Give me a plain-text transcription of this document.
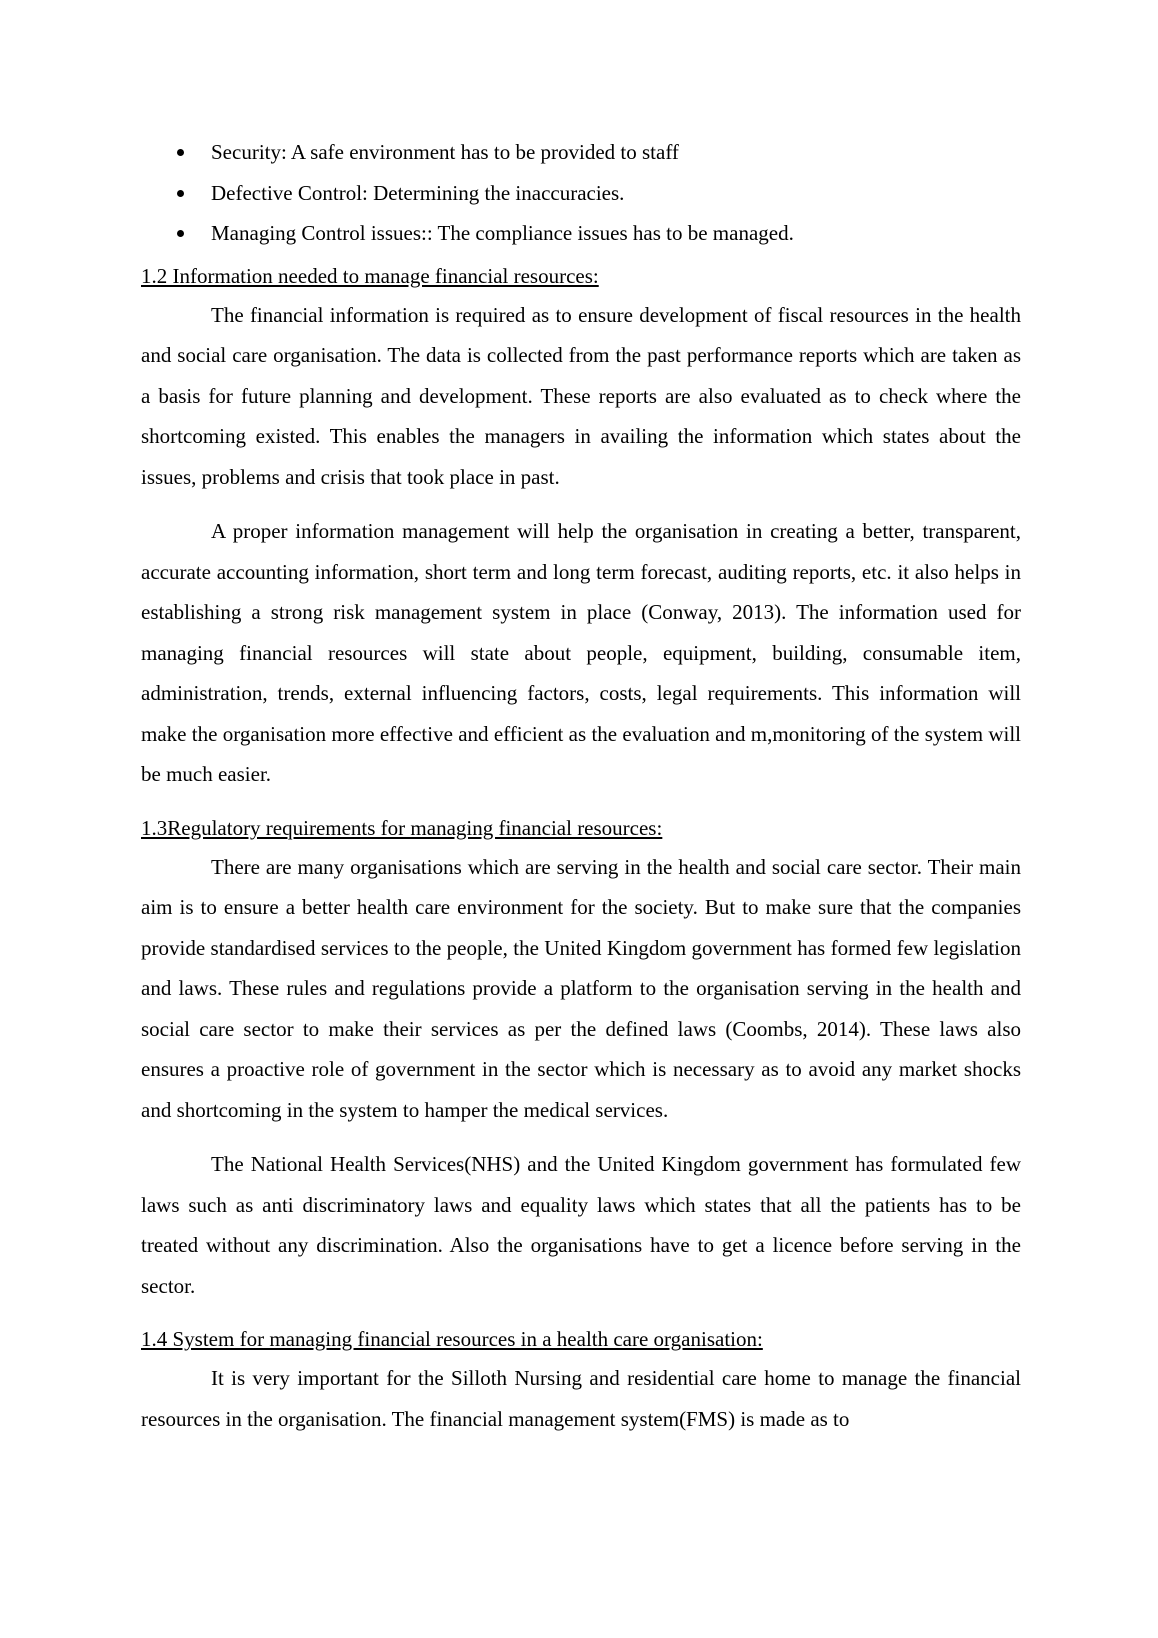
Security: A safe environment has to be provided to staff
Defective Control: Determining the inaccuracies.
Managing Control issues:: The compliance issues has to be managed.

1.2 Information needed to manage financial resources:

The financial information is required as to ensure development of fiscal resources in the health and social care organisation. The data is collected from the past performance reports which are taken as a basis for future planning and development. These reports are also evaluated as to check where the shortcoming existed. This enables the managers in availing the information which states about the issues, problems and crisis that took place in past.

A proper information management will help the organisation in creating a better, transparent, accurate accounting information, short term and long term forecast, auditing reports, etc. it also helps in establishing a strong risk management system in place (Conway, 2013). The information used for managing financial resources will state about people, equipment, building, consumable item, administration, trends, external influencing factors, costs, legal requirements. This information will make the organisation more effective and efficient as the evaluation and m,monitoring of the system will be much easier.

1.3Regulatory requirements for managing financial resources:

There are many organisations which are serving in the health and social care sector. Their main aim is to ensure a better health care environment for the society. But to make sure that the companies provide standardised services to the people, the United Kingdom government has formed few legislation and laws. These rules and regulations provide a platform to the organisation serving in the health and social care sector to make their services as per the defined laws (Coombs, 2014). These laws also ensures a proactive role of government in the sector which is necessary as to avoid any market shocks and shortcoming in the system to hamper the medical services.

The National Health Services(NHS) and the United Kingdom government has formulated few laws such as anti discriminatory laws and equality laws which states that all the patients has to be treated without any discrimination. Also the organisations have to get a licence before serving in the sector.

1.4 System for managing financial resources in a health care organisation:

It is very important for the Silloth Nursing and residential care home to manage the financial resources in the organisation. The financial management system(FMS) is made as to
